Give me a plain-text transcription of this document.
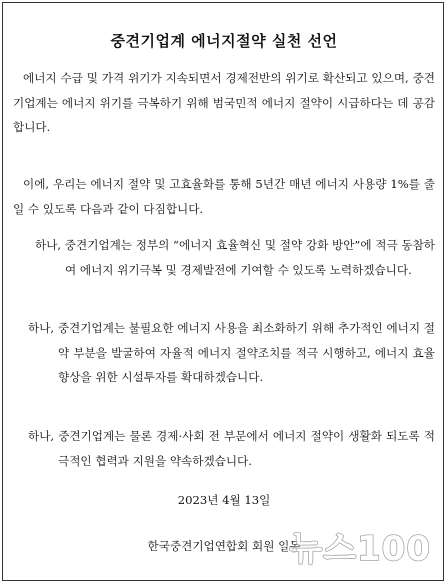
중견기업계 에너지절약 실천 선언
에너지 수급 및 가격 위기가 지속되면서 경제전반의 위기로 확산되고 있으며, 중견기업계는 에너지 위기를 극복하기 위해 범국민적 에너지 절약이 시급하다는 데 공감합니다.
이에, 우리는 에너지 절약 및 고효율화를 통해 5년간 매년 에너지 사용량 1%를 줄일 수 있도록 다음과 같이 다짐합니다.
하나, 중견기업계는 정부의 “에너지 효율혁신 및 절약 강화 방안”에 적극 동참하여 에너지 위기극복 및 경제발전에 기여할 수 있도록 노력하겠습니다.
하나, 중견기업계는 불필요한 에너지 사용을 최소화하기 위해 추가적인 에너지 절약 부분을 발굴하여 자율적 에너지 절약조치를 적극 시행하고, 에너지 효율 향상을 위한 시설투자를 확대하겠습니다.
하나, 중견기업계는 물론 경제·사회 전 부문에서 에너지 절약이 생활화 되도록 적극적인 협력과 지원을 약속하겠습니다.
2023년 4월 13일
한국중견기업연합회 회원 일동
뉴스100
